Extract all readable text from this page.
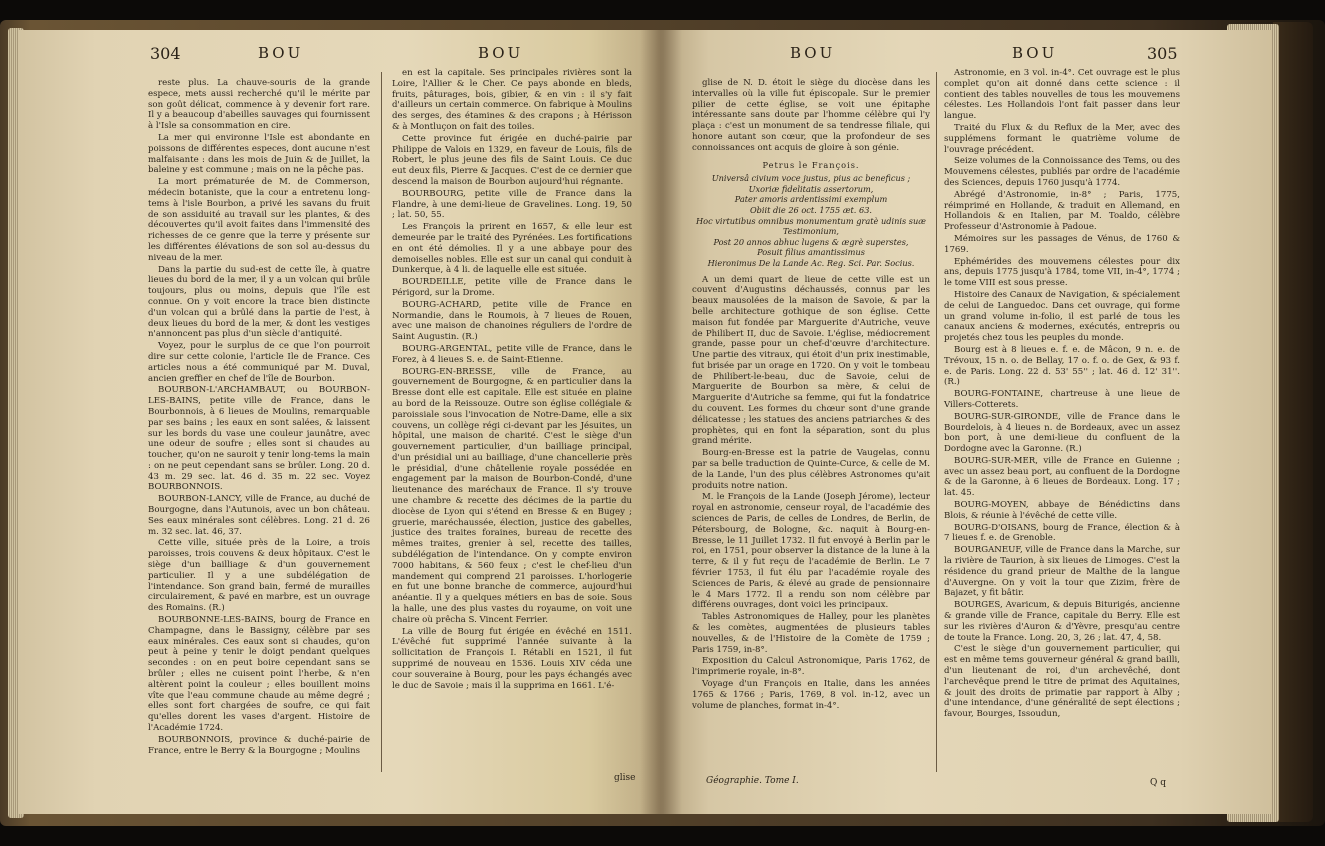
304	BOU	BOU

reste plus. La chauve-souris de la grande espece, mets aussi recherché qu'il le mérite par son goût délicat, commence à y devenir fort rare. Il y a beaucoup d'abeilles sauvages qui fournissent à l'Isle sa consommation en cire.

La mer qui environne l'Isle est abondante en poissons de différentes especes, dont aucune n'est malfaisante : dans les mois de Juin & de Juillet, la baleine y est commune ; mais on ne la pêche pas.

La mort prématurée de M. de Commerson, médecin botaniste, que la cour a entretenu long-tems à l'isle Bourbon, a privé les savans du fruit de son assiduité au travail sur les plantes, & des découvertes qu'il avoit faites dans l'immensité des richesses de ce genre que la terre y présente sur les différentes élévations de son sol au-dessus du niveau de la mer.

Dans la partie du sud-est de cette île, à quatre lieues du bord de la mer, il y a un volcan qui brûle toujours, plus ou moins, depuis que l'île est connue. On y voit encore la trace bien distincte d'un volcan qui a brûlé dans la partie de l'est, à deux lieues du bord de la mer, & dont les vestiges n'annoncent pas plus d'un siècle d'antiquité.

Voyez, pour le surplus de ce que l'on pourroit dire sur cette colonie, l'article Ile de France. Ces articles nous a été communiqué par M. Duval, ancien greffier en chef de l'île de Bourbon.

BOURBON-L'ARCHAMBAUT, ou BOURBON-LES-BAINS, petite ville de France, dans le Bourbonnois, à 6 lieues de Moulins, remarquable par ses bains ; les eaux en sont salées, & laissent sur les bords du vase une couleur jaunâtre, avec une odeur de soufre ; elles sont si chaudes au toucher, qu'on ne sauroit y tenir long-tems la main : on ne peut cependant sans se brûler. Long. 20 d. 43 m. 29 sec. lat. 46 d. 35 m. 22 sec. Voyez BOURBONNOIS.

BOURBON-LANCY, ville de France, au duché de Bourgogne, dans l'Autunois, avec un bon château. Ses eaux minérales sont célèbres. Long. 21 d. 26 m. 32 sec. lat. 46, 37.

Cette ville, située près de la Loire, a trois paroisses, trois couvens & deux hôpitaux. C'est le siège d'un bailliage & d'un gouvernement particulier. Il y a une subdélégation de l'intendance. Son grand bain, fermé de murailles circulairement, & pavé en marbre, est un ouvrage des Romains. (R.)

BOURBONNE-LES-BAINS, bourg de France en Champagne, dans le Bassigny, célèbre par ses eaux minérales. Ces eaux sont si chaudes, qu'on peut à peine y tenir le doigt pendant quelques secondes : on en peut boire cependant sans se brûler ; elles ne cuisent point l'herbe, & n'en altèrent point la couleur ; elles bouillent moins vîte que l'eau commune chaude au même degré ; elles sont fort chargées de soufre, ce qui fait qu'elles dorent les vases d'argent. Histoire de l'Académie 1724.

BOURBONNOIS, province & duché-pairie de France, entre le Berry & la Bourgogne ; Moulins

en est la capitale. Ses principales rivières sont la Loire, l'Allier & le Cher. Ce pays abonde en bleds, fruits, pâturages, bois, gibier, & en vin : il s'y fait d'ailleurs un certain commerce. On fabrique à Moulins des serges, des étamines & des crapons ; à Hérisson & à Montluçon on fait des toiles.

Cette province fut érigée en duché-pairie par Philippe de Valois en 1329, en faveur de Louis, fils de Robert, le plus jeune des fils de Saint Louis. Ce duc eut deux fils, Pierre & Jacques. C'est de ce dernier que descend la maison de Bourbon aujourd'hui régnante.

BOURBOURG, petite ville de France dans la Flandre, à une demi-lieue de Gravelines. Long. 19, 50 ; lat. 50, 55.

Les François la prirent en 1657, & elle leur est demeurée par le traité des Pyrénées. Les fortifications en ont été démolies. Il y a une abbaye pour des demoiselles nobles. Elle est sur un canal qui conduit à Dunkerque, à 4 li. de laquelle elle est située.

BOURDEILLE, petite ville de France dans le Périgord, sur la Drome.

BOURG-ACHARD, petite ville de France en Normandie, dans le Roumois, à 7 lieues de Rouen, avec une maison de chanoines réguliers de l'ordre de Saint Augustin. (R.)

BOURG-ARGENTAL, petite ville de France, dans le Forez, à 4 lieues S. e. de Saint-Etienne.

BOURG-EN-BRESSE, ville de France, au gouvernement de Bourgogne, & en particulier dans la Bresse dont elle est capitale. Elle est située en plaine au bord de la Reissouze. Outre son église collégiale & paroissiale sous l'invocation de Notre-Dame, elle a six couvens, un collège régi ci-devant par les Jésuites, un hôpital, une maison de charité. C'est le siège d'un gouvernement particulier, d'un bailliage principal, d'un présidial uni au bailliage, d'une chancellerie près le présidial, d'une châtellenie royale possédée en engagement par la maison de Bourbon-Condé, d'une lieutenance des maréchaux de France. Il s'y trouve une chambre & recette des décimes de la partie du diocèse de Lyon qui s'étend en Bresse & en Bugey ; gruerie, maréchaussée, élection, justice des gabelles, justice des traites foraines, bureau de recette des mêmes traites, grenier à sel, recette des tailles, subdélégation de l'intendance. On y compte environ 7000 habitans, & 560 feux ; c'est le chef-lieu d'un mandement qui comprend 21 paroisses. L'horlogerie en fut une bonne branche de commerce, aujourd'hui anéantie. Il y a quelques métiers en bas de soie. Sous la halle, une des plus vastes du royaume, on voit une chaire où prêcha S. Vincent Ferrier.

La ville de Bourg fut érigée en évêché en 1511. L'évêché fut supprimé l'année suivante à la sollicitation de François I. Rétabli en 1521, il fut supprimé de nouveau en 1536. Louis XIV céda une cour souveraine à Bourg, pour les pays échangés avec le duc de Savoie ; mais il la supprima en 1661. L'é-

glise
BOU	BOU	305

glise de N. D. étoit le siège du diocèse dans les intervalles où la ville fut épiscopale. Sur le premier pilier de cette église, se voit une épitaphe intéressante sans doute par l'homme célèbre qui l'y plaça : c'est un monument de sa tendresse filiale, qui honore autant son cœur, que la profondeur de ses connoissances ont acquis de gloire à son génie.

Petrus le François.
Universâ civium voce justus, pius ac beneficus ;
Uxoriæ fidelitatis assertorum,
Pater amoris ardentissimi exemplum
Obiit die 26 oct. 1755 æt. 63.
Hoc virtutibus omnibus monumentum gratè udinis suæ
Testimonium,
Post 20 annos abhuc lugens & ægrè superstes,
Posuit filius amantissimus
Hieronimus De la Lande Ac. Reg. Sci. Par. Socius.

A un demi quart de lieue de cette ville est un couvent d'Augustins déchaussés, connus par les beaux mausolées de la maison de Savoie, & par la belle architecture gothique de son église. Cette maison fut fondée par Marguerite d'Autriche, veuve de Philibert II, duc de Savoie. L'église, médiocrement grande, passe pour un chef-d'œuvre d'architecture. Une partie des vitraux, qui étoit d'un prix inestimable, fut brisée par un orage en 1720. On y voit le tombeau de Philibert-le-beau, duc de Savoie, celui de Marguerite de Bourbon sa mère, & celui de Marguerite d'Autriche sa femme, qui fut la fondatrice du couvent. Les formes du chœur sont d'une grande délicatesse ; les statues des anciens patriarches & des prophètes, qui en font la séparation, sont du plus grand mérite.

Bourg-en-Bresse est la patrie de Vaugelas, connu par sa belle traduction de Quinte-Curce, & celle de M. de la Lande, l'un des plus célèbres Astronomes qu'ait produits notre nation.

M. le François de la Lande (Joseph Jérome), lecteur royal en astronomie, censeur royal, de l'académie des sciences de Paris, de celles de Londres, de Berlin, de Pétersbourg, de Bologne, &c. naquit à Bourg-en-Bresse, le 11 Juillet 1732. Il fut envoyé à Berlin par le roi, en 1751, pour observer la distance de la lune à la terre, & il y fut reçu de l'académie de Berlin. Le 7 février 1753, il fut élu par l'académie royale des Sciences de Paris, & élevé au grade de pensionnaire le 4 Mars 1772. Il a rendu son nom célèbre par différens ouvrages, dont voici les principaux.

Tables Astronomiques de Halley, pour les planètes & les comètes, augmentées de plusieurs tables nouvelles, & de l'Histoire de la Comète de 1759 ; Paris 1759, in-8°.

Exposition du Calcul Astronomique, Paris 1762, de l'imprimerie royale, in-8°.

Voyage d'un François en Italie, dans les années 1765 & 1766 ; Paris, 1769, 8 vol. in-12, avec un volume de planches, format in-4°.

Géographie. Tome I.

Astronomie, en 3 vol. in-4°. Cet ouvrage est le plus complet qu'on ait donné dans cette science : il contient des tables nouvelles de tous les mouvemens célestes. Les Hollandois l'ont fait passer dans leur langue.

Traité du Flux & du Reflux de la Mer, avec des supplémens formant le quatrième volume de l'ouvrage précédent.

Seize volumes de la Connoissance des Tems, ou des Mouvemens célestes, publiés par ordre de l'académie des Sciences, depuis 1760 jusqu'à 1774.

Abrégé d'Astronomie, in-8° ; Paris, 1775, réimprimé en Hollande, & traduit en Allemand, en Hollandois & en Italien, par M. Toaldo, célèbre Professeur d'Astronomie à Padoue.

Mémoires sur les passages de Vénus, de 1760 & 1769.

Ephémérides des mouvemens célestes pour dix ans, depuis 1775 jusqu'à 1784, tome VII, in-4°, 1774 ; le tome VIII est sous presse.

Histoire des Canaux de Navigation, & spécialement de celui de Languedoc. Dans cet ouvrage, qui forme un grand volume in-folio, il est parlé de tous les canaux anciens & modernes, exécutés, entrepris ou projetés chez tous les peuples du monde.

Bourg est à 8 lieues e. f. e. de Mâcon, 9 n. e. de Trévoux, 15 n. o. de Bellay, 17 o. f. o. de Gex, & 93 f. e. de Paris. Long. 22 d. 53' 55'' ; lat. 46 d. 12' 31''. (R.)

BOURG-FONTAINE, chartreuse à une lieue de Villers-Cotterets.

BOURG-SUR-GIRONDE, ville de France dans le Bourdelois, à 4 lieues n. de Bordeaux, avec un assez bon port, à une demi-lieue du confluent de la Dordogne avec la Garonne. (R.)

BOURG-SUR-MER, ville de France en Guienne ; avec un assez beau port, au confluent de la Dordogne & de la Garonne, à 6 lieues de Bordeaux. Long. 17 ; lat. 45.

BOURG-MOYEN, abbaye de Bénédictins dans Blois, & réunie à l'évêché de cette ville.

BOURG-D'OISANS, bourg de France, élection & à 7 lieues f. e. de Grenoble.

BOURGANEUF, ville de France dans la Marche, sur la rivière de Taurion, à six lieues de Limoges. C'est la résidence du grand prieur de Malthe de la langue d'Auvergne. On y voit la tour que Zizim, frère de Bajazet, y fit bâtir.

BOURGES, Avaricum, & depuis Biturigés, ancienne & grande ville de France, capitale du Berry. Elle est sur les rivières d'Auron & d'Yèvre, presqu'au centre de toute la France. Long. 20, 3, 26 ; lat. 47, 4, 58.

C'est le siège d'un gouvernement particulier, qui est en même tems gouverneur général & grand bailli, d'un lieutenant de roi, d'un archevêché, dont l'archevêque prend le titre de primat des Aquitaines, & jouit des droits de primatie par rapport à Alby ; d'une intendance, d'une généralité de sept élections ; favour, Bourges, Issoudun,

Q q
